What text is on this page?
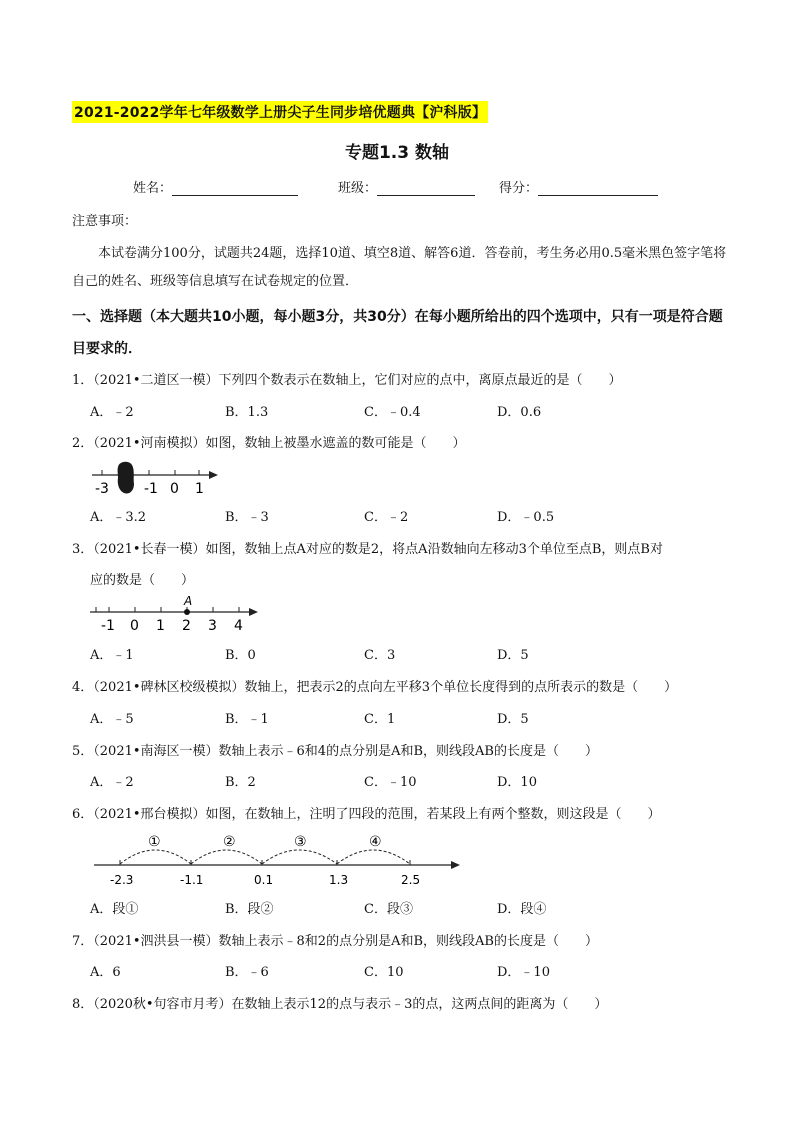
2021-2022学年七年级数学上册尖子生同步培优题典【沪科版】
专题1.3 数轴
姓名：	班级：	得分：
注意事项：
本试卷满分100分，试题共24题，选择10道、填空8道、解答6道．答卷前，考生务必用0.5毫米黑色签字笔将自己的姓名、班级等信息填写在试卷规定的位置．
一、选择题（本大题共10小题，每小题3分，共30分）在每小题所给出的四个选项中，只有一项是符合题目要求的．
1．（2021•二道区一模）下列四个数表示在数轴上，它们对应的点中，离原点最近的是（　　）
A．﹣2	B．1.3	C．﹣0.4	D．0.6
2．（2021•河南模拟）如图，数轴上被墨水遮盖的数可能是（　　）
-3	-1 0 1
A．﹣3.2	B．﹣3	C．﹣2	D．﹣0.5
3．（2021•长春一模）如图，数轴上点A对应的数是2，将点A沿数轴向左移动3个单位至点B，则点B对
应的数是（　　）
A
-1 0 1 2 3 4
A．﹣1	B．0	C．3	D．5
4．（2021•碑林区校级模拟）数轴上，把表示2的点向左平移3个单位长度得到的点所表示的数是（　　）
A．﹣5	B．﹣1	C．1	D．5
5．（2021•南海区一模）数轴上表示﹣6和4的点分别是A和B，则线段AB的长度是（　　）
A．﹣2	B．2	C．﹣10	D．10
6．（2021•邢台模拟）如图，在数轴上，注明了四段的范围，若某段上有两个整数，则这段是（　　）
①	②	③	④
-2.3	-1.1	0.1	1.3	2.5
A．段①	B．段②	C．段③	D．段④
7．（2021•泗洪县一模）数轴上表示﹣8和2的点分别是A和B，则线段AB的长度是（　　）
A．6	B．﹣6	C．10	D．﹣10
8．（2020秋•句容市月考）在数轴上表示12的点与表示﹣3的点，这两点间的距离为（　　）
